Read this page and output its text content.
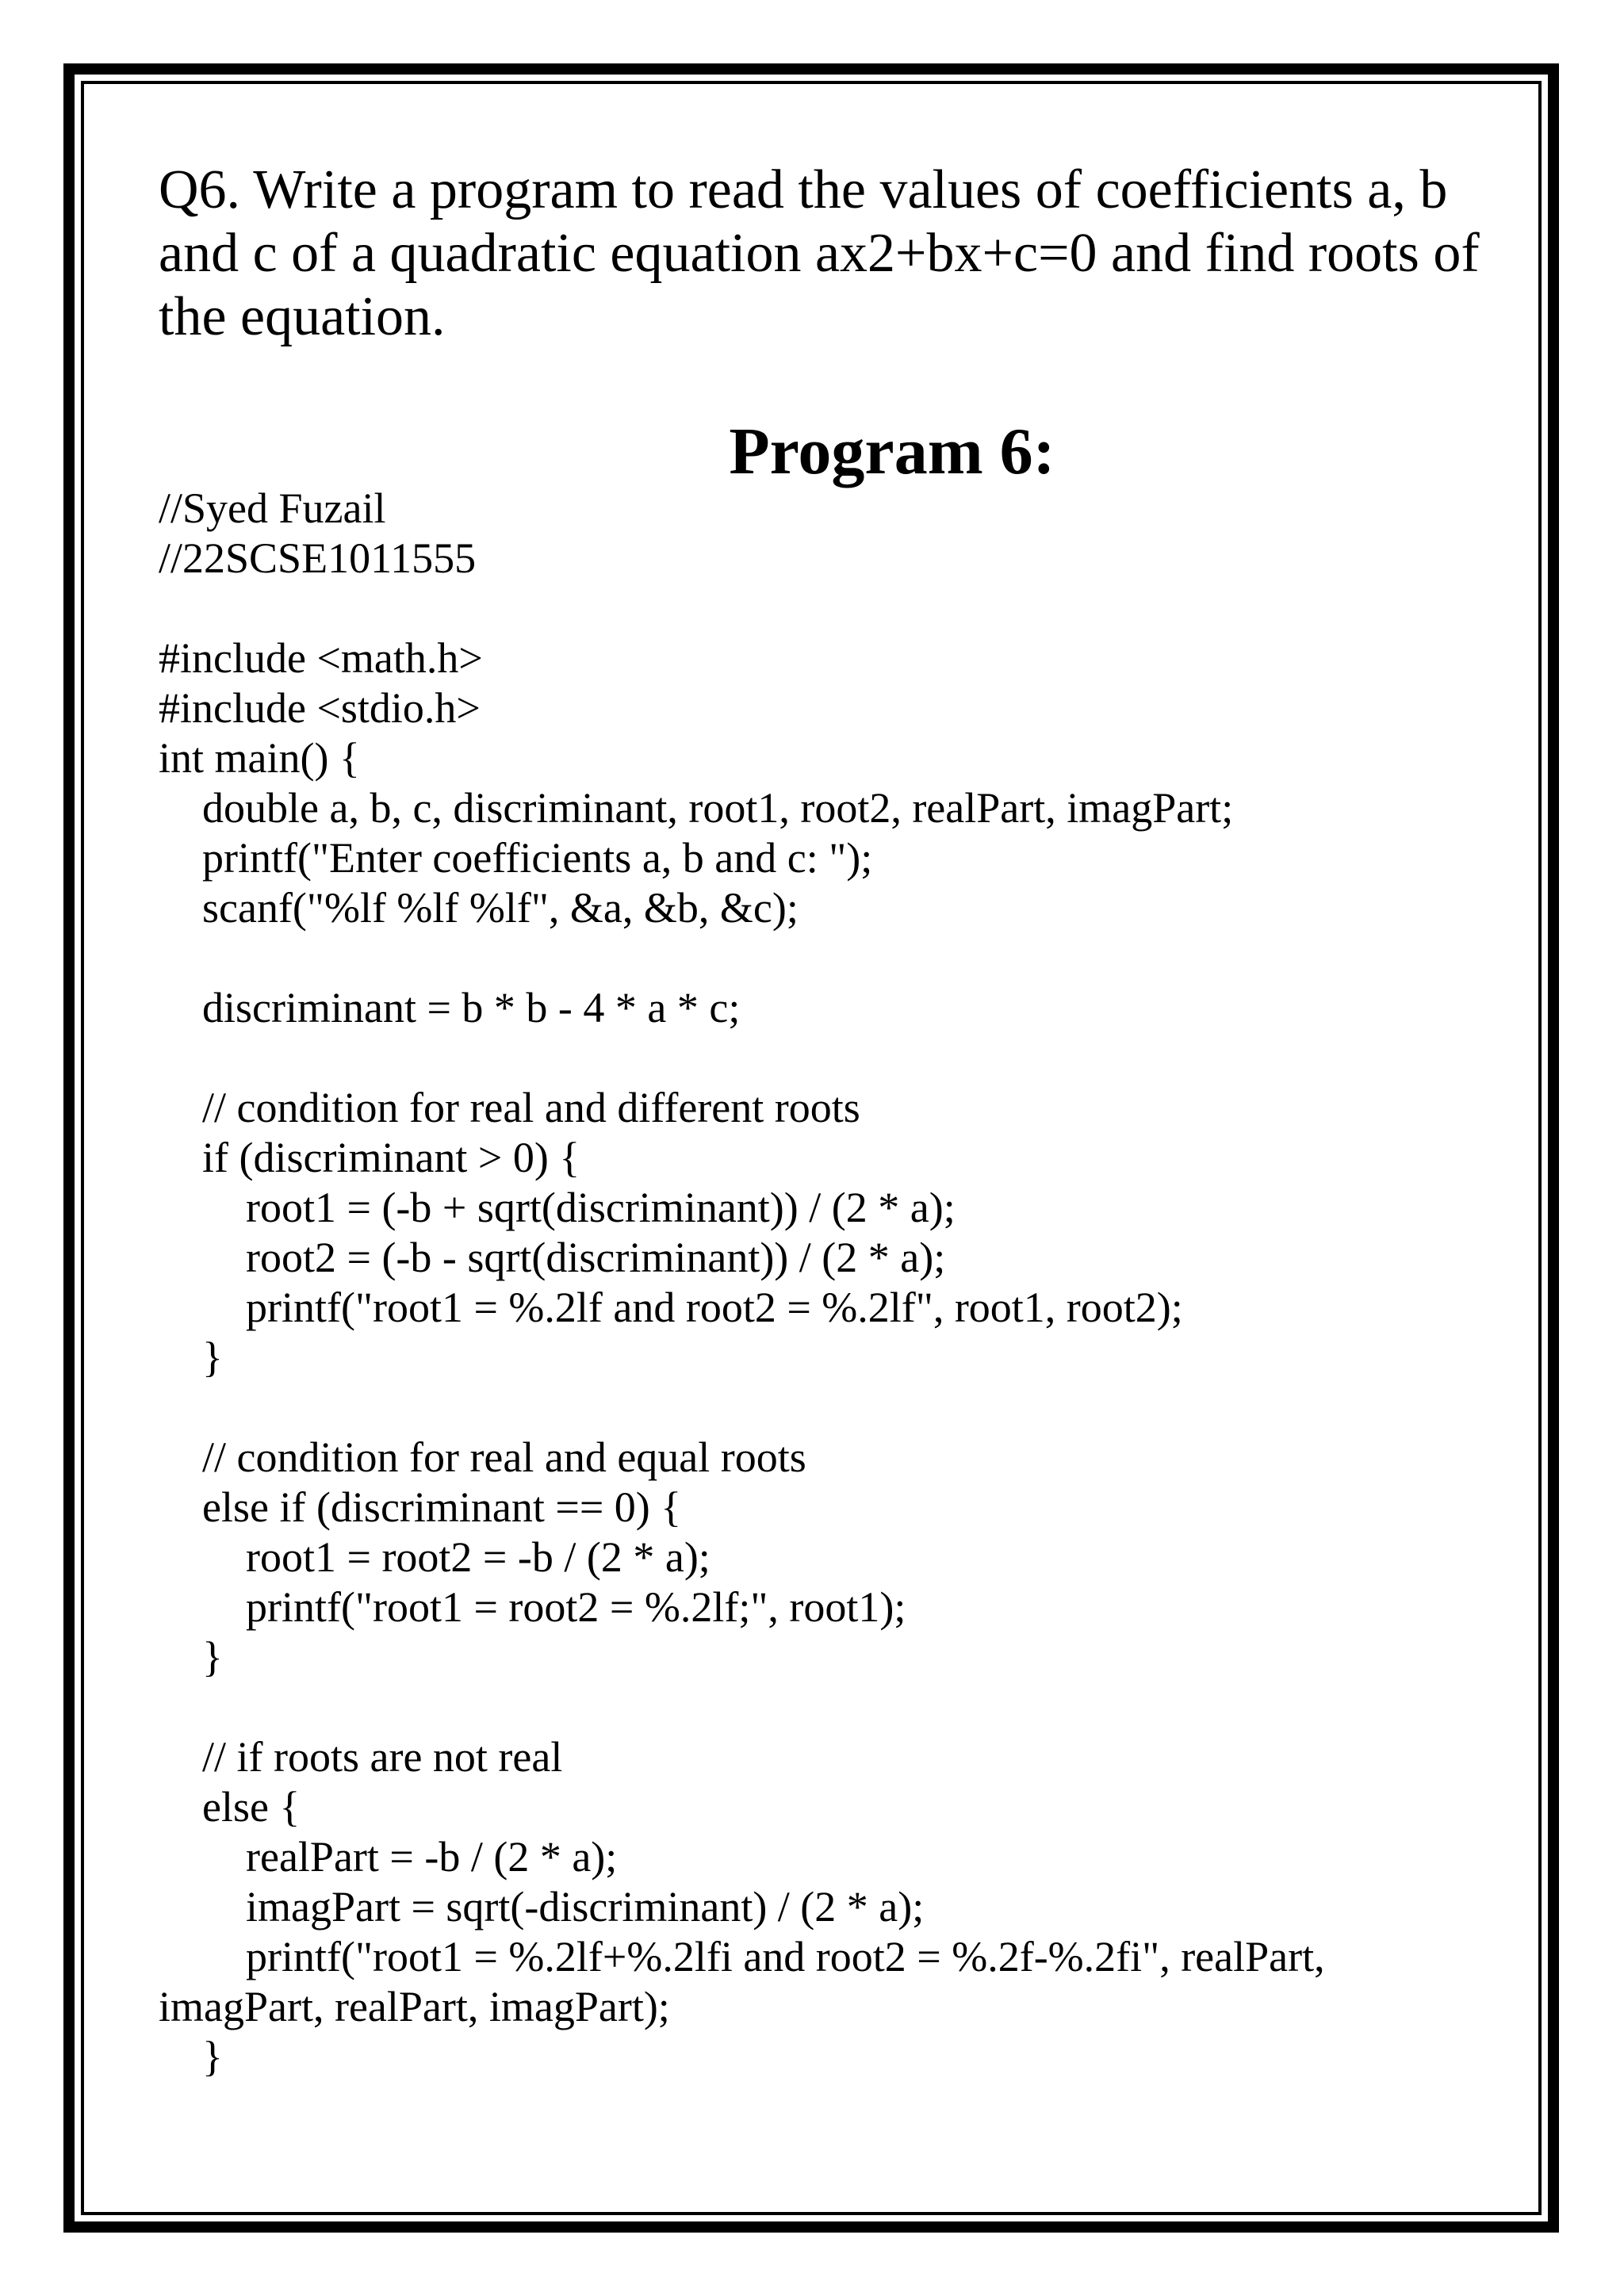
Q6. Write a program to read the values of coefficients a, b and c of a quadratic equation ax2+bx+c=0 and find roots of the equation.

Program 6:
//Syed Fuzail
//22SCSE1011555
#include <math.h>
#include <stdio.h>
int main() {
double a, b, c, discriminant, root1, root2, realPart, imagPart;
printf("Enter coefficients a, b and c: ");
scanf("%lf %lf %lf", &a, &b, &c);
discriminant = b * b - 4 * a * c;
// condition for real and different roots
if (discriminant > 0) {
root1 = (-b + sqrt(discriminant)) / (2 * a);
root2 = (-b - sqrt(discriminant)) / (2 * a);
printf("root1 = %.2lf and root2 = %.2lf", root1, root2);
}
// condition for real and equal roots
else if (discriminant == 0) {
root1 = root2 = -b / (2 * a);
printf("root1 = root2 = %.2lf;", root1);
}
// if roots are not real
else {
realPart = -b / (2 * a);
imagPart = sqrt(-discriminant) / (2 * a);
printf("root1 = %.2lf+%.2lfi and root2 = %.2f-%.2fi", realPart,
imagPart, realPart, imagPart);
}
